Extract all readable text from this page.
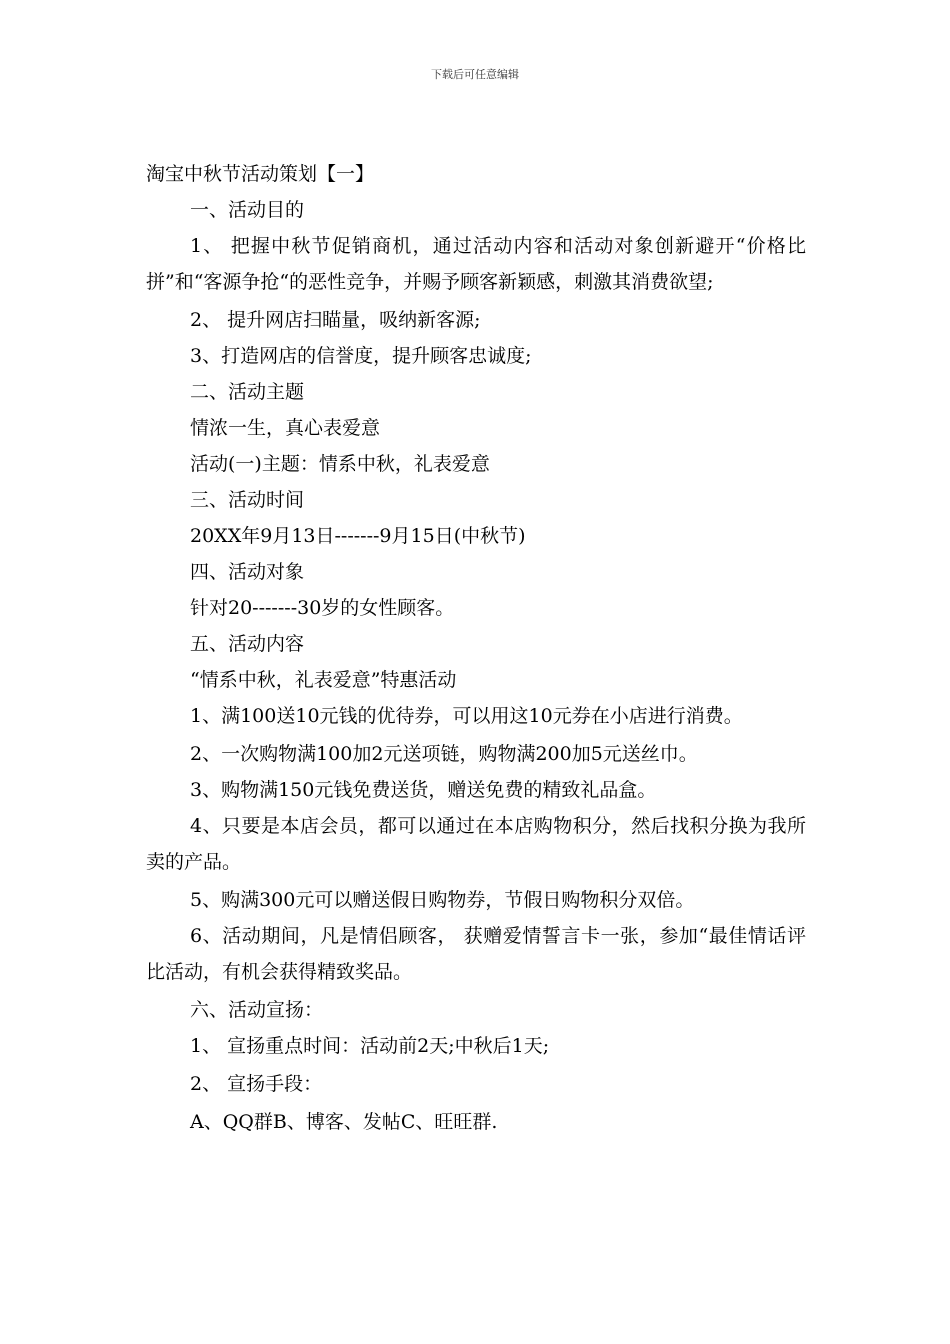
下载后可任意编辑

淘宝中秋节活动策划【一】

一、活动目的

1、 把握中秋节促销商机，通过活动内容和活动对象创新避开“价格比拼”和“客源争抢“的恶性竞争，并赐予顾客新颖感，刺激其消费欲望;

2、 提升网店扫瞄量，吸纳新客源;

3、打造网店的信誉度，提升顾客忠诚度;

二、活动主题

情浓一生，真心表爱意

活动(一)主题：情系中秋，礼表爱意

三、活动时间

20XX年9月13日-------9月15日(中秋节)

四、活动对象

针对20-------30岁的女性顾客。

五、活动内容

“情系中秋，礼表爱意”特惠活动

1、满100送10元钱的优待券，可以用这10元券在小店进行消费。

2、一次购物满100加2元送项链，购物满200加5元送丝巾。

3、购物满150元钱免费送货，赠送免费的精致礼品盒。

4、只要是本店会员，都可以通过在本店购物积分，然后找积分换为我所卖的产品。

5、购满300元可以赠送假日购物券，节假日购物积分双倍。

6、活动期间，凡是情侣顾客， 获赠爱情誓言卡一张，参加“最佳情话评比活动，有机会获得精致奖品。

六、活动宣扬：

1、 宣扬重点时间：活动前2天;中秋后1天;

2、 宣扬手段：

A、QQ群B、博客、发帖C、旺旺群.
